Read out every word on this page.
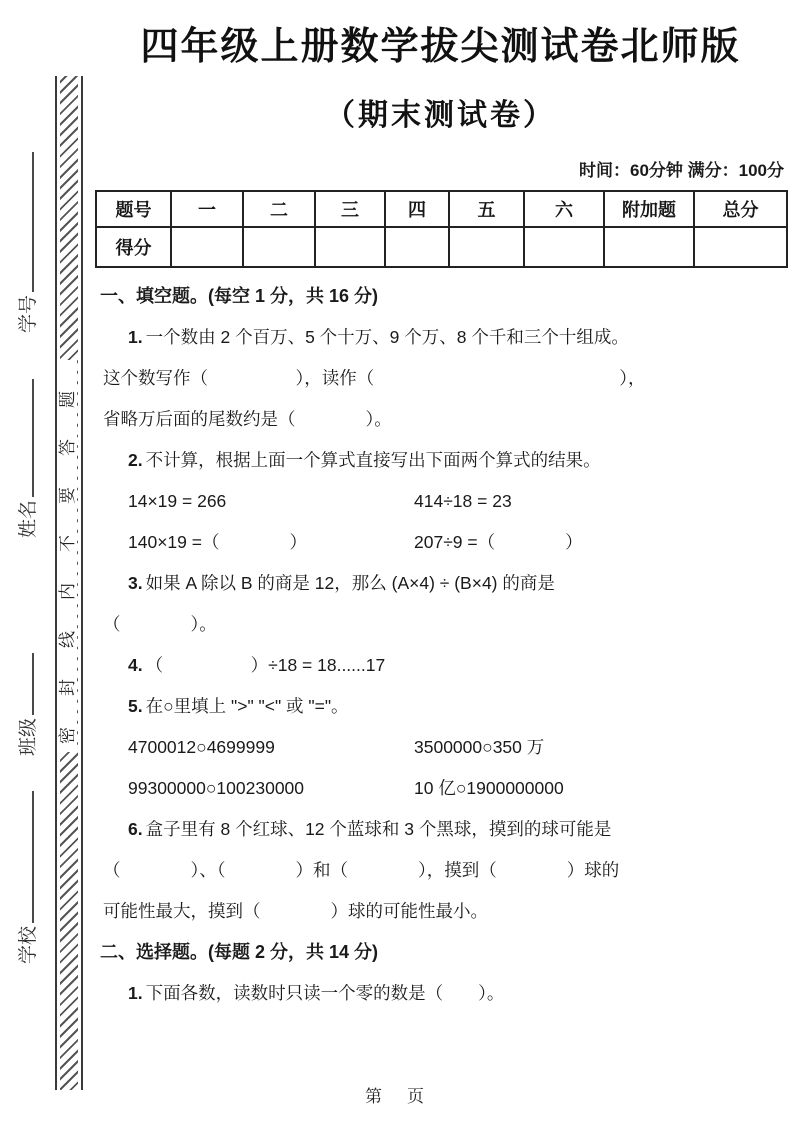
密封线内不要答题
学号
姓名
班级
学校
四年级上册数学拔尖测试卷北师版
（期末测试卷）
时间：60分钟 满分：100分
题号	一	二	三	四	五	六	附加题	总分
得分								
一、填空题。(每空 1 分，共 16 分)
1. 一个数由 2 个百万、5 个十万、9 个万、8 个千和三个十组成。
这个数写作（　　　　　），读作（　　　　　　　　　　　　　　），
省略万后面的尾数约是（　　　　）。
2. 不计算，根据上面一个算式直接写出下面两个算式的结果。
14×19 = 266	414÷18 = 23
140×19 =（　　　　）	207÷9 =（　　　　）
3. 如果 A 除以 B 的商是 12，那么 (A×4) ÷ (B×4) 的商是
（　　　　）。
4. （　　　　　）÷18 = 18......17
5. 在○里填上 ">" "<" 或 "="。
4700012○4699999	3500000○350 万
99300000○100230000	10 亿○1900000000
6. 盒子里有 8 个红球、12 个蓝球和 3 个黑球，摸到的球可能是
（　　　　）、（　　　　）和（　　　　），摸到（　　　　）球的
可能性最大，摸到（　　　　）球的可能性最小。
二、选择题。(每题 2 分，共 14 分)
1. 下面各数，读数时只读一个零的数是（　　）。
第　页
